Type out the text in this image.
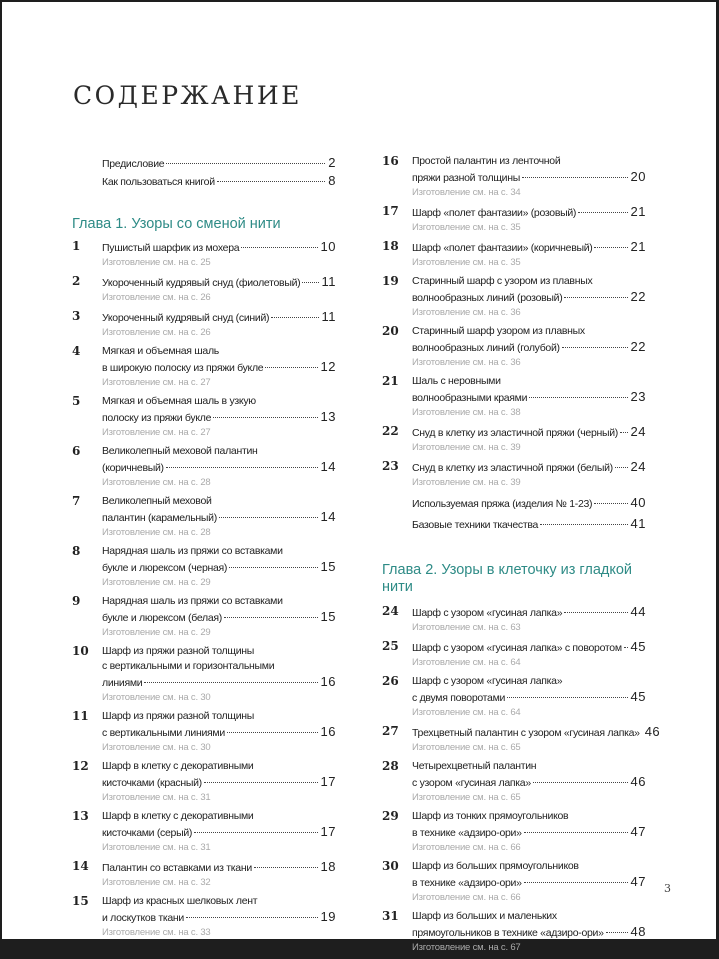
СОДЕРЖАНИЕ
Предисловие	2
Как пользоваться книгой	8
Глава 1. Узоры со сменой нити
1 Пушистый шарфик из мохера	10
Изготовление см. на с. 25
2 Укороченный кудрявый снуд (фиолетовый) 11
Изготовление см. на с. 26
3 Укороченный кудрявый снуд (синий)	11
Изготовление см. на с. 26
4 Мягкая и объемная шаль
в широкую полоску из пряжи букле	12
Изготовление см. на с. 27
5 Мягкая и объемная шаль в узкую
полоску из пряжи букле	13
Изготовление см. на с. 27
6 Великолепный меховой палантин
(коричневый)	14
Изготовление см. на с. 28
7 Великолепный меховой
палантин (карамельный)	14
Изготовление см. на с. 28
8 Нарядная шаль из пряжи со вставками
букле и люрексом (черная)	15
Изготовление см. на с. 29
9 Нарядная шаль из пряжи со вставками
букле и люрексом (белая)	15
Изготовление см. на с. 29
10 Шарф из пряжи разной толщины
с вертикальными и горизонтальными
линиями	16
Изготовление см. на с. 30
11 Шарф из пряжи разной толщины
с вертикальными линиями	16
Изготовление см. на с. 30
12 Шарф в клетку с декоративными
кисточками (красный)	17
Изготовление см. на с. 31
13 Шарф в клетку с декоративными
кисточками (серый)	17
Изготовление см. на с. 31
14 Палантин со вставками из ткани	18
Изготовление см. на с. 32
15 Шарф из красных шелковых лент
и лоскутков ткани	19
Изготовление см. на с. 33
16 Простой палантин из ленточной
пряжи разной толщины	20
Изготовление см. на с. 34
17 Шарф «полет фантазии» (розовый)	21
Изготовление см. на с. 35
18 Шарф «полет фантазии» (коричневый)	21
Изготовление см. на с. 35
19 Старинный шарф с узором из плавных
волнообразных линий (розовый)	22
Изготовление см. на с. 36
20 Старинный шарф узором из плавных
волнообразных линий (голубой)	22
Изготовление см. на с. 36
21 Шаль с неровными
волнообразными краями	23
Изготовление см. на с. 38
22 Снуд в клетку из эластичной пряжи (черный) 24
Изготовление см. на с. 39
23 Снуд в клетку из эластичной пряжи (белый) 24
Изготовление см. на с. 39
Используемая пряжа (изделия № 1-23)	40
Базовые техники ткачества	41
Глава 2. Узоры в клеточку из гладкой нити
24 Шарф с узором «гусиная лапка»	44
Изготовление см. на с. 63
25 Шарф с узором «гусиная лапка» с поворотом 45
Изготовление см. на с. 64
26 Шарф с узором «гусиная лапка»
с двумя поворотами	45
Изготовление см. на с. 64
27 Трехцветный палантин с узором «гусиная лапка» 46
Изготовление см. на с. 65
28 Четырехцветный палантин
с узором «гусиная лапка»	46
Изготовление см. на с. 65
29 Шарф из тонких прямоугольников
в технике «адзиро-ори»	47
Изготовление см. на с. 66
30 Шарф из больших прямоугольников
в технике «адзиро-ори»	47
Изготовление см. на с. 66
31 Шарф из больших и маленьких
прямоугольников в технике «адзиро-ори» 48
Изготовление см. на с. 67
3
